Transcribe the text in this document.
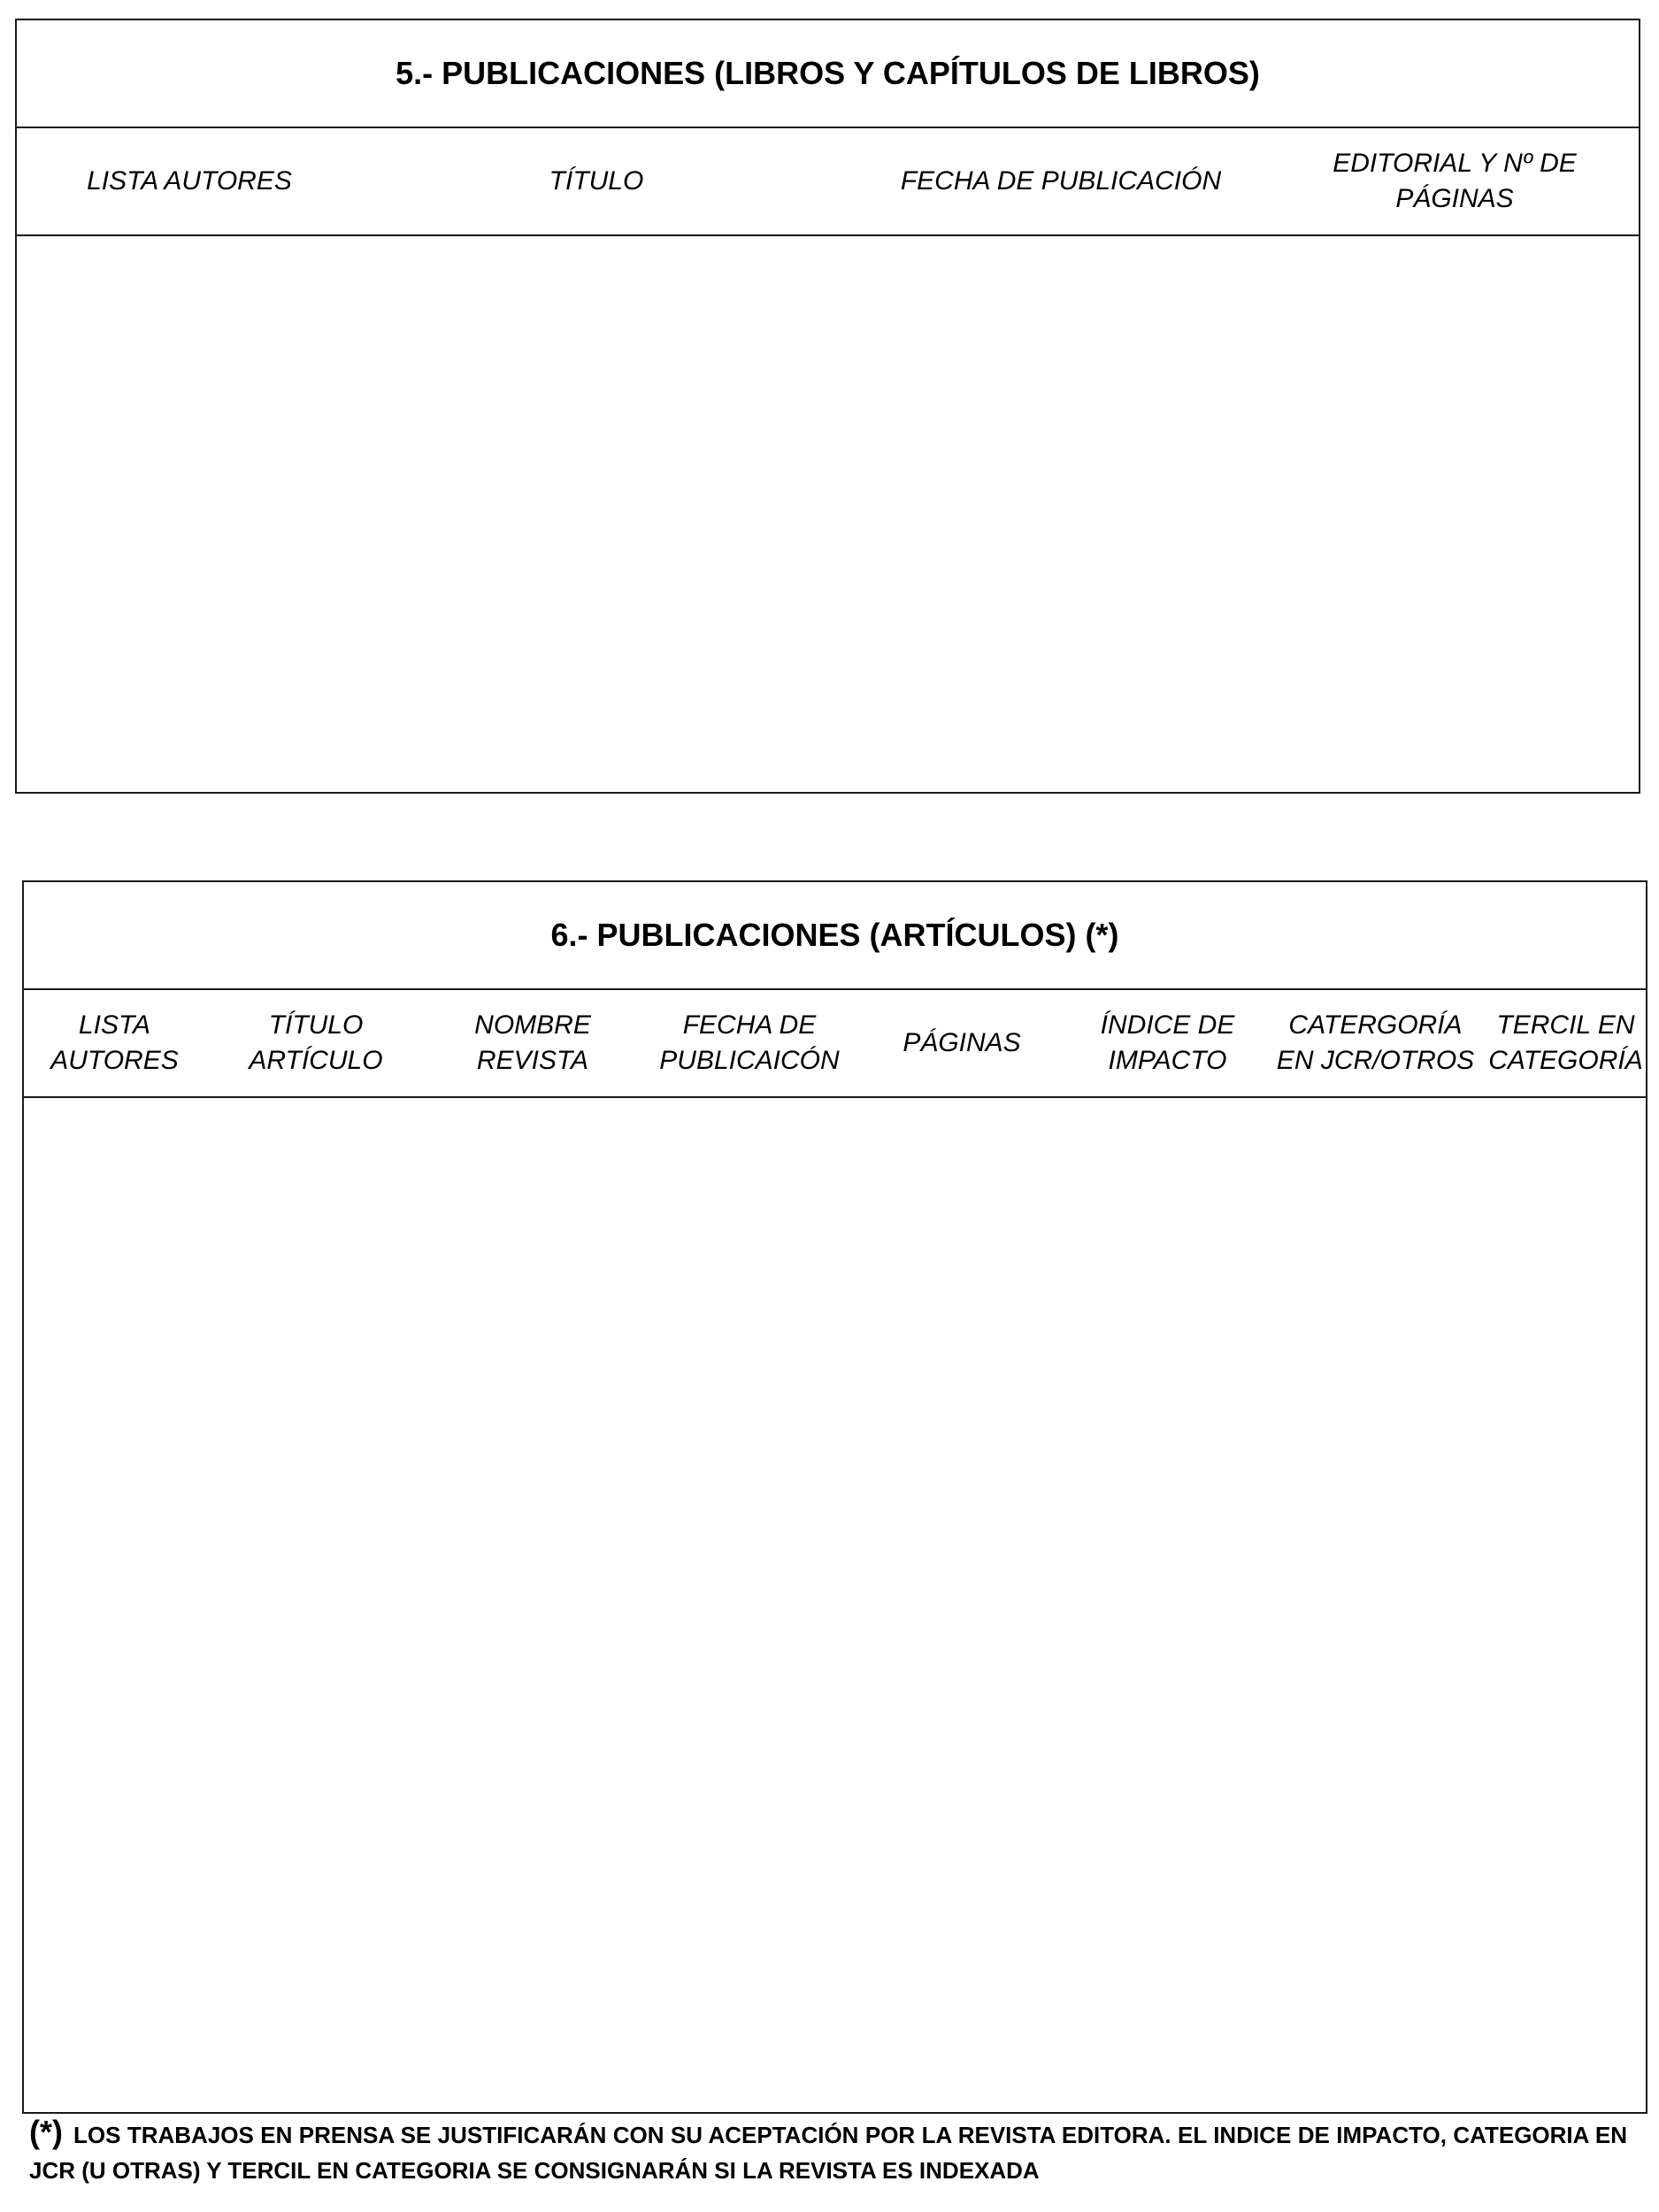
5.- PUBLICACIONES (LIBROS Y CAPÍTULOS DE LIBROS)
LISTA AUTORES	TÍTULO	FECHA DE PUBLICACIÓN
EDITORIAL Y Nº DE PÁGINAS
6.- PUBLICACIONES (ARTÍCULOS) (*)
LISTA
AUTORES
TÍTULO
ARTÍCULO
NOMBRE
REVISTA
FECHA DE
PUBLICAICÓN
PÁGINAS
ÍNDICE DE
IMPACTO
CATERGORÍA
EN JCR/OTROS
TERCIL EN
CATEGORÍA
(*) LOS TRABAJOS EN PRENSA SE JUSTIFICARÁN CON SU ACEPTACIÓN POR LA REVISTA EDITORA. EL INDICE DE IMPACTO, CATEGORIA EN JCR (U OTRAS) Y TERCIL EN CATEGORIA SE CONSIGNARÁN SI LA REVISTA ES INDEXADA
